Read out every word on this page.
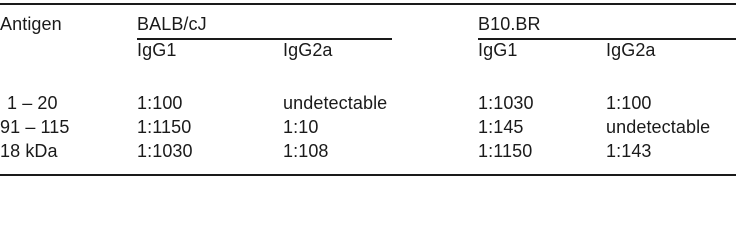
Antigen	BALB/cJ	B10.BR
IgG1	IgG2a	IgG1	IgG2a
1 – 20	1:100	undetectable	1:1030	1:100
91 – 115	1:1150	1:10	1:145	undetectable
18 kDa	1:1030	1:108	1:1150	1:143
